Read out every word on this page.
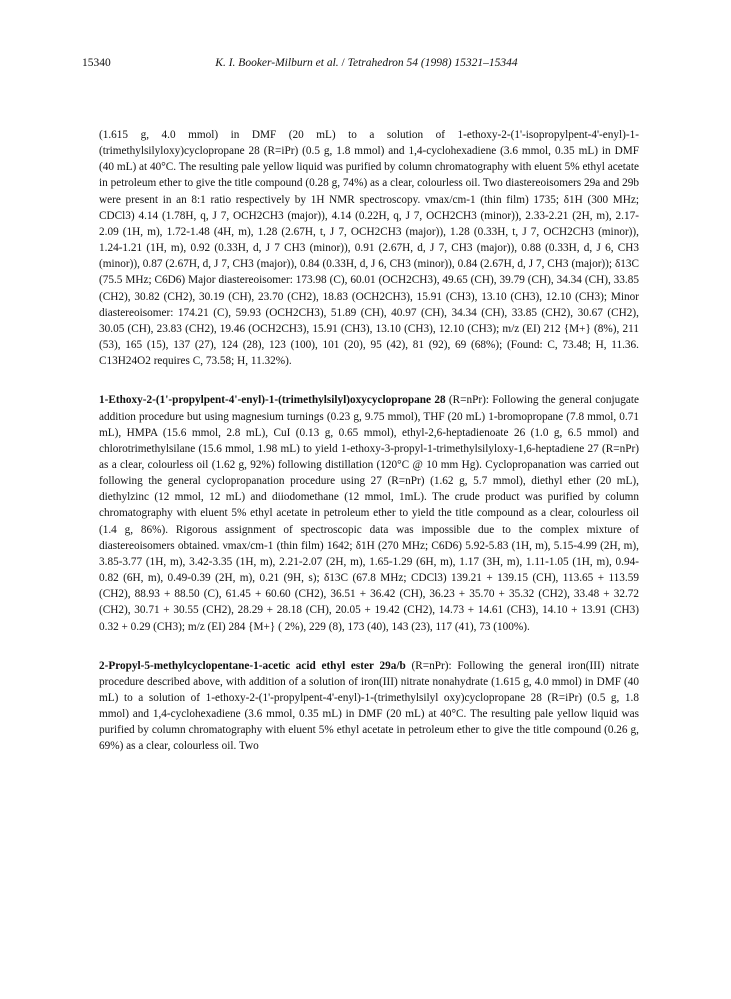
15340	K. I. Booker-Milburn et al. / Tetrahedron 54 (1998) 15321–15344

(1.615 g, 4.0 mmol) in DMF (20 mL) to a solution of 1-ethoxy-2-(1'-isopropylpent-4'-enyl)-1-(trimethylsilyloxy)cyclopropane 28 (R=iPr) (0.5 g, 1.8 mmol) and 1,4-cyclohexadiene (3.6 mmol, 0.35 mL) in DMF (40 mL) at 40°C. The resulting pale yellow liquid was purified by column chromatography with eluent 5% ethyl acetate in petroleum ether to give the title compound (0.28 g, 74%) as a clear, colourless oil. Two diastereoisomers 29a and 29b were present in an 8:1 ratio respectively by 1H NMR spectroscopy. νmax/cm-1 (thin film) 1735; δ1H (300 MHz; CDCl3) 4.14 (1.78H, q, J 7, OCH2CH3 (major)), 4.14 (0.22H, q, J 7, OCH2CH3 (minor)), 2.33-2.21 (2H, m), 2.17-2.09 (1H, m), 1.72-1.48 (4H, m), 1.28 (2.67H, t, J 7, OCH2CH3 (major)), 1.28 (0.33H, t, J 7, OCH2CH3 (minor)), 1.24-1.21 (1H, m), 0.92 (0.33H, d, J 7 CH3 (minor)), 0.91 (2.67H, d, J 7, CH3 (major)), 0.88 (0.33H, d, J 6, CH3 (minor)), 0.87 (2.67H, d, J 7, CH3 (major)), 0.84 (0.33H, d, J 6, CH3 (minor)), 0.84 (2.67H, d, J 7, CH3 (major)); δ13C (75.5 MHz; C6D6) Major diastereoisomer: 173.98 (C), 60.01 (OCH2CH3), 49.65 (CH), 39.79 (CH), 34.34 (CH), 33.85 (CH2), 30.82 (CH2), 30.19 (CH), 23.70 (CH2), 18.83 (OCH2CH3), 15.91 (CH3), 13.10 (CH3), 12.10 (CH3); Minor diastereoisomer: 174.21 (C), 59.93 (OCH2CH3), 51.89 (CH), 40.97 (CH), 34.34 (CH), 33.85 (CH2), 30.67 (CH2), 30.05 (CH), 23.83 (CH2), 19.46 (OCH2CH3), 15.91 (CH3), 13.10 (CH3), 12.10 (CH3); m/z (EI) 212 {M+} (8%), 211 (53), 165 (15), 137 (27), 124 (28), 123 (100), 101 (20), 95 (42), 81 (92), 69 (68%); (Found: C, 73.48; H, 11.36. C13H24O2 requires C, 73.58; H, 11.32%).

1-Ethoxy-2-(1'-propylpent-4'-enyl)-1-(trimethylsilyl)oxycyclopropane 28 (R=nPr): Following the general conjugate addition procedure but using magnesium turnings (0.23 g, 9.75 mmol), THF (20 mL) 1-bromopropane (7.8 mmol, 0.71 mL), HMPA (15.6 mmol, 2.8 mL), CuI (0.13 g, 0.65 mmol), ethyl-2,6-heptadienoate 26 (1.0 g, 6.5 mmol) and chlorotrimethylsilane (15.6 mmol, 1.98 mL) to yield 1-ethoxy-3-propyl-1-trimethylsilyloxy-1,6-heptadiene 27 (R=nPr) as a clear, colourless oil (1.62 g, 92%) following distillation (120°C @ 10 mm Hg). Cyclopropanation was carried out following the general cyclopropanation procedure using 27 (R=nPr) (1.62 g, 5.7 mmol), diethyl ether (20 mL), diethylzinc (12 mmol, 12 mL) and diiodomethane (12 mmol, 1mL). The crude product was purified by column chromatography with eluent 5% ethyl acetate in petroleum ether to yield the title compound as a clear, colourless oil (1.4 g, 86%). Rigorous assignment of spectroscopic data was impossible due to the complex mixture of diastereoisomers obtained. νmax/cm-1 (thin film) 1642; δ1H (270 MHz; C6D6) 5.92-5.83 (1H, m), 5.15-4.99 (2H, m), 3.85-3.77 (1H, m), 3.42-3.35 (1H, m), 2.21-2.07 (2H, m), 1.65-1.29 (6H, m), 1.17 (3H, m), 1.11-1.05 (1H, m), 0.94-0.82 (6H, m), 0.49-0.39 (2H, m), 0.21 (9H, s); δ13C (67.8 MHz; CDCl3) 139.21 + 139.15 (CH), 113.65 + 113.59 (CH2), 88.93 + 88.50 (C), 61.45 + 60.60 (CH2), 36.51 + 36.42 (CH), 36.23 + 35.70 + 35.32 (CH2), 33.48 + 32.72 (CH2), 30.71 + 30.55 (CH2), 28.29 + 28.18 (CH), 20.05 + 19.42 (CH2), 14.73 + 14.61 (CH3), 14.10 + 13.91 (CH3) 0.32 + 0.29 (CH3); m/z (EI) 284 {M+} ( 2%), 229 (8), 173 (40), 143 (23), 117 (41), 73 (100%).

2-Propyl-5-methylcyclopentane-1-acetic acid ethyl ester 29a/b (R=nPr): Following the general iron(III) nitrate procedure described above, with addition of a solution of iron(III) nitrate nonahydrate (1.615 g, 4.0 mmol) in DMF (40 mL) to a solution of 1-ethoxy-2-(1'-propylpent-4'-enyl)-1-(trimethylsilyl oxy)cyclopropane 28 (R=iPr) (0.5 g, 1.8 mmol) and 1,4-cyclohexadiene (3.6 mmol, 0.35 mL) in DMF (20 mL) at 40°C. The resulting pale yellow liquid was purified by column chromatography with eluent 5% ethyl acetate in petroleum ether to give the title compound (0.26 g, 69%) as a clear, colourless oil. Two
